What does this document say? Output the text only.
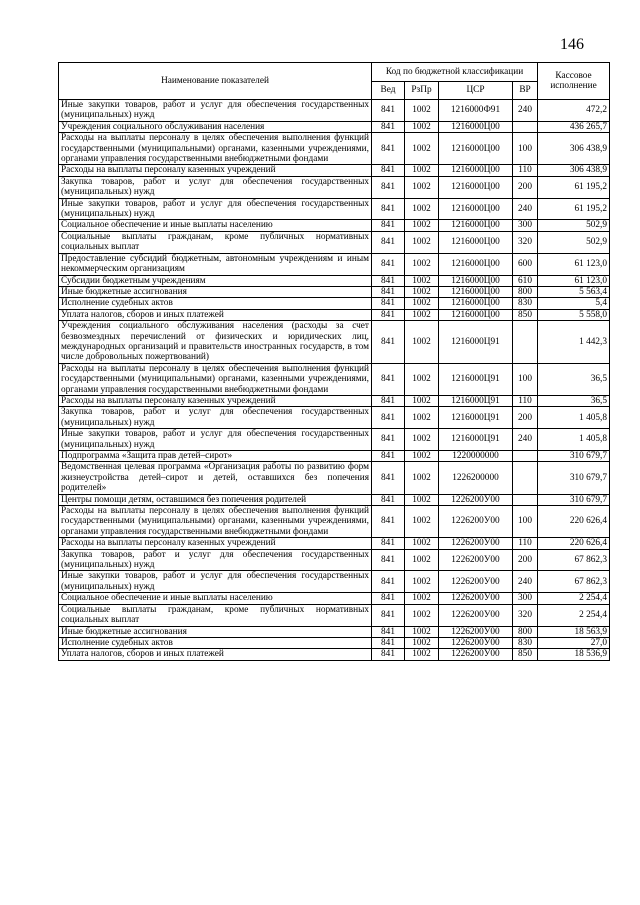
146
Наименование показателей	Код по бюджетной классификации				Кассовое исполнение
	Вед	РзПр	ЦСР	ВР	
Иные закупки товаров, работ и услуг для обеспечения государственных (муниципальных) нужд	841	1002	1216000Ф91	240	472,2
Учреждения социального обслуживания населения	841	1002	1216000Ц00		436 265,7
Расходы на выплаты персоналу в целях обеспечения выполнения функций государственными (муниципальными) органами, казенными учреждениями, органами управления государственными внебюджетными фондами	841	1002	1216000Ц00	100	306 438,9
Расходы на выплаты персоналу казенных учреждений	841	1002	1216000Ц00	110	306 438,9
Закупка товаров, работ и услуг для обеспечения государственных (муниципальных) нужд	841	1002	1216000Ц00	200	61 195,2
Иные закупки товаров, работ и услуг для обеспечения государственных (муниципальных) нужд	841	1002	1216000Ц00	240	61 195,2
Социальное обеспечение и иные выплаты населению	841	1002	1216000Ц00	300	502,9
Социальные выплаты гражданам, кроме публичных нормативных социальных выплат	841	1002	1216000Ц00	320	502,9
Предоставление субсидий бюджетным, автономным учреждениям и иным некоммерческим организациям	841	1002	1216000Ц00	600	61 123,0
Субсидии бюджетным учреждениям	841	1002	1216000Ц00	610	61 123,0
Иные бюджетные ассигнования	841	1002	1216000Ц00	800	5 563,4
Исполнение судебных актов	841	1002	1216000Ц00	830	5,4
Уплата налогов, сборов и иных платежей	841	1002	1216000Ц00	850	5 558,0
Учреждения социального обслуживания населения (расходы за счет безвозмездных перечислений от физических и юридических лиц, международных организаций и правительств иностранных государств, в том числе добровольных пожертвований)	841	1002	1216000Ц91		1 442,3
Расходы на выплаты персоналу в целях обеспечения выполнения функций государственными (муниципальными) органами, казенными учреждениями, органами управления государственными внебюджетными фондами	841	1002	1216000Ц91	100	36,5
Расходы на выплаты персоналу казенных учреждений	841	1002	1216000Ц91	110	36,5
Закупка товаров, работ и услуг для обеспечения государственных (муниципальных) нужд	841	1002	1216000Ц91	200	1 405,8
Иные закупки товаров, работ и услуг для обеспечения государственных (муниципальных) нужд	841	1002	1216000Ц91	240	1 405,8
Подпрограмма «Защита прав детей–сирот»	841	1002	1220000000		310 679,7
Ведомственная целевая программа «Организация работы по развитию форм жизнеустройства детей–сирот и детей, оставшихся без попечения родителей»	841	1002	1226200000		310 679,7
Центры помощи детям, оставшимся без попечения родителей	841	1002	1226200У00		310 679,7
Расходы на выплаты персоналу в целях обеспечения выполнения функций государственными (муниципальными) органами, казенными учреждениями, органами управления государственными внебюджетными фондами	841	1002	1226200У00	100	220 626,4
Расходы на выплаты персоналу казенных учреждений	841	1002	1226200У00	110	220 626,4
Закупка товаров, работ и услуг для обеспечения государственных (муниципальных) нужд	841	1002	1226200У00	200	67 862,3
Иные закупки товаров, работ и услуг для обеспечения государственных (муниципальных) нужд	841	1002	1226200У00	240	67 862,3
Социальное обеспечение и иные выплаты населению	841	1002	1226200У00	300	2 254,4
Социальные выплаты гражданам, кроме публичных нормативных социальных выплат	841	1002	1226200У00	320	2 254,4
Иные бюджетные ассигнования	841	1002	1226200У00	800	18 563,9
Исполнение судебных актов	841	1002	1226200У00	830	27,0
Уплата налогов, сборов и иных платежей	841	1002	1226200У00	850	18 536,9
